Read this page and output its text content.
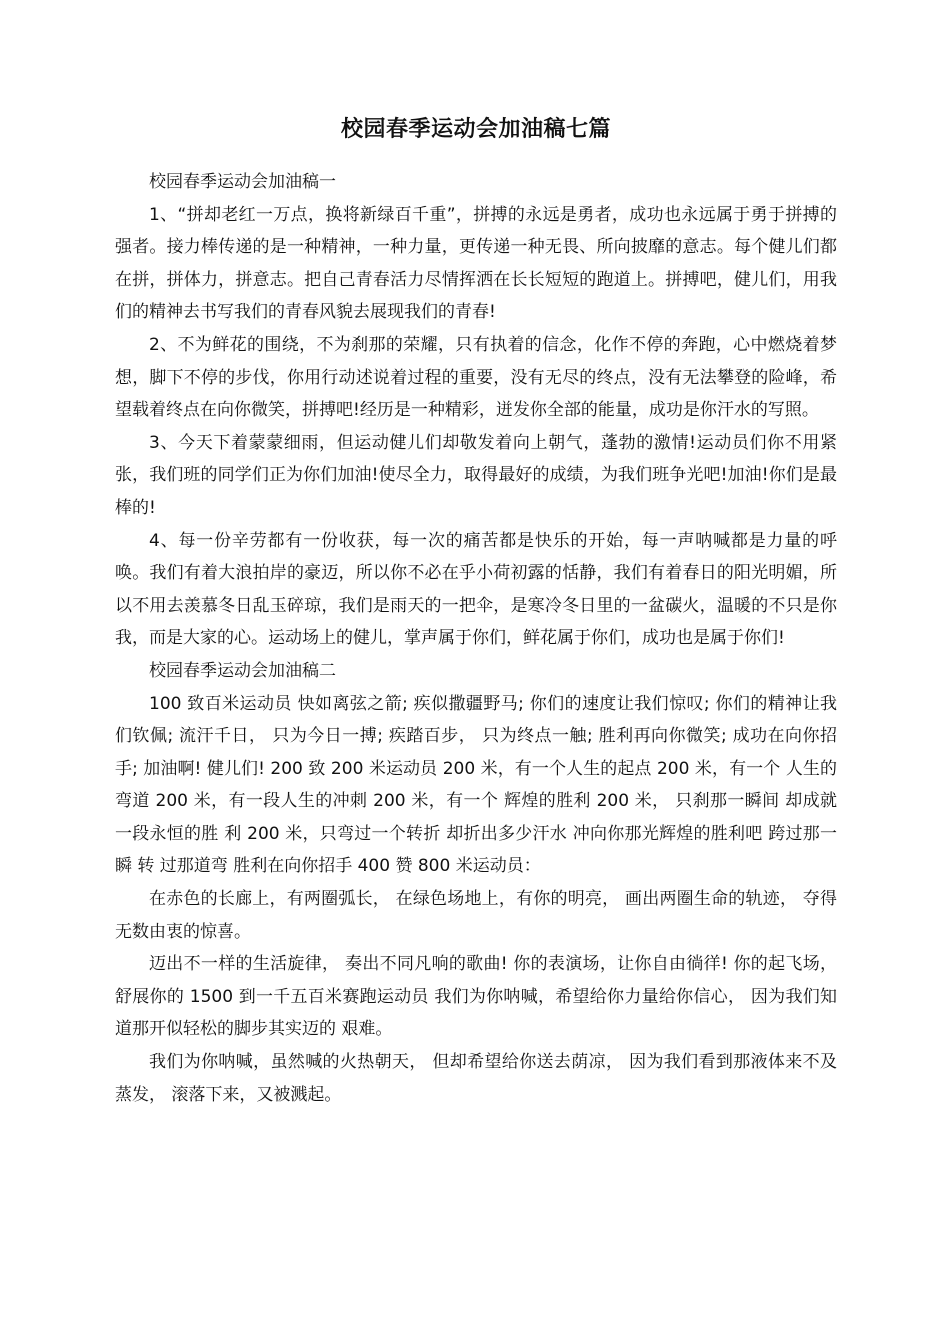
校园春季运动会加油稿七篇

校园春季运动会加油稿一

1、“拼却老红一万点，换将新绿百千重”，拼搏的永远是勇者，成功也永远属于勇于拼搏的强者。接力棒传递的是一种精神，一种力量，更传递一种无畏、所向披靡的意志。每个健儿们都在拼，拼体力，拼意志。把自己青春活力尽情挥洒在长长短短的跑道上。拼搏吧，健儿们，用我们的精神去书写我们的青春风貌去展现我们的青春!

2、不为鲜花的围绕，不为刹那的荣耀，只有执着的信念，化作不停的奔跑，心中燃烧着梦想，脚下不停的步伐，你用行动述说着过程的重要，没有无尽的终点，没有无法攀登的险峰，希望载着终点在向你微笑，拼搏吧!经历是一种精彩，迸发你全部的能量，成功是你汗水的写照。

3、今天下着蒙蒙细雨，但运动健儿们却敬发着向上朝气，蓬勃的激情!运动员们你不用紧张，我们班的同学们正为你们加油!使尽全力，取得最好的成绩，为我们班争光吧!加油!你们是最棒的!

4、每一份辛劳都有一份收获，每一次的痛苦都是快乐的开始，每一声呐喊都是力量的呼唤。我们有着大浪拍岸的豪迈，所以你不必在乎小荷初露的恬静，我们有着春日的阳光明媚，所以不用去羡慕冬日乱玉碎琼，我们是雨天的一把伞，是寒冷冬日里的一盆碳火，温暖的不只是你我，而是大家的心。运动场上的健儿，掌声属于你们，鲜花属于你们，成功也是属于你们!

校园春季运动会加油稿二

100 致百米运动员 快如离弦之箭; 疾似撒疆野马; 你们的速度让我们惊叹; 你们的精神让我们钦佩; 流汗千日， 只为今日一搏; 疾踏百步， 只为终点一触; 胜利再向你微笑; 成功在向你招手; 加油啊! 健儿们! 200 致 200 米运动员 200 米，有一个人生的起点 200 米，有一个 人生的弯道 200 米，有一段人生的冲刺 200 米，有一个 辉煌的胜利 200 米， 只刹那一瞬间 却成就一段永恒的胜 利 200 米，只弯过一个转折 却折出多少汗水 冲向你那光辉煌的胜利吧 跨过那一瞬 转 过那道弯 胜利在向你招手 400 赞 800 米运动员：

在赤色的长廊上，有两圈弧长， 在绿色场地上，有你的明亮， 画出两圈生命的轨迹， 夺得无数由衷的惊喜。

迈出不一样的生活旋律， 奏出不同凡响的歌曲! 你的表演场，让你自由徜徉! 你的起飞场，舒展你的 1500 到一千五百米赛跑运动员 我们为你呐喊，希望给你力量给你信心， 因为我们知道那开似轻松的脚步其实迈的 艰难。

我们为你呐喊，虽然喊的火热朝天， 但却希望给你送去荫凉， 因为我们看到那液体来不及蒸发， 滚落下来，又被溅起。
